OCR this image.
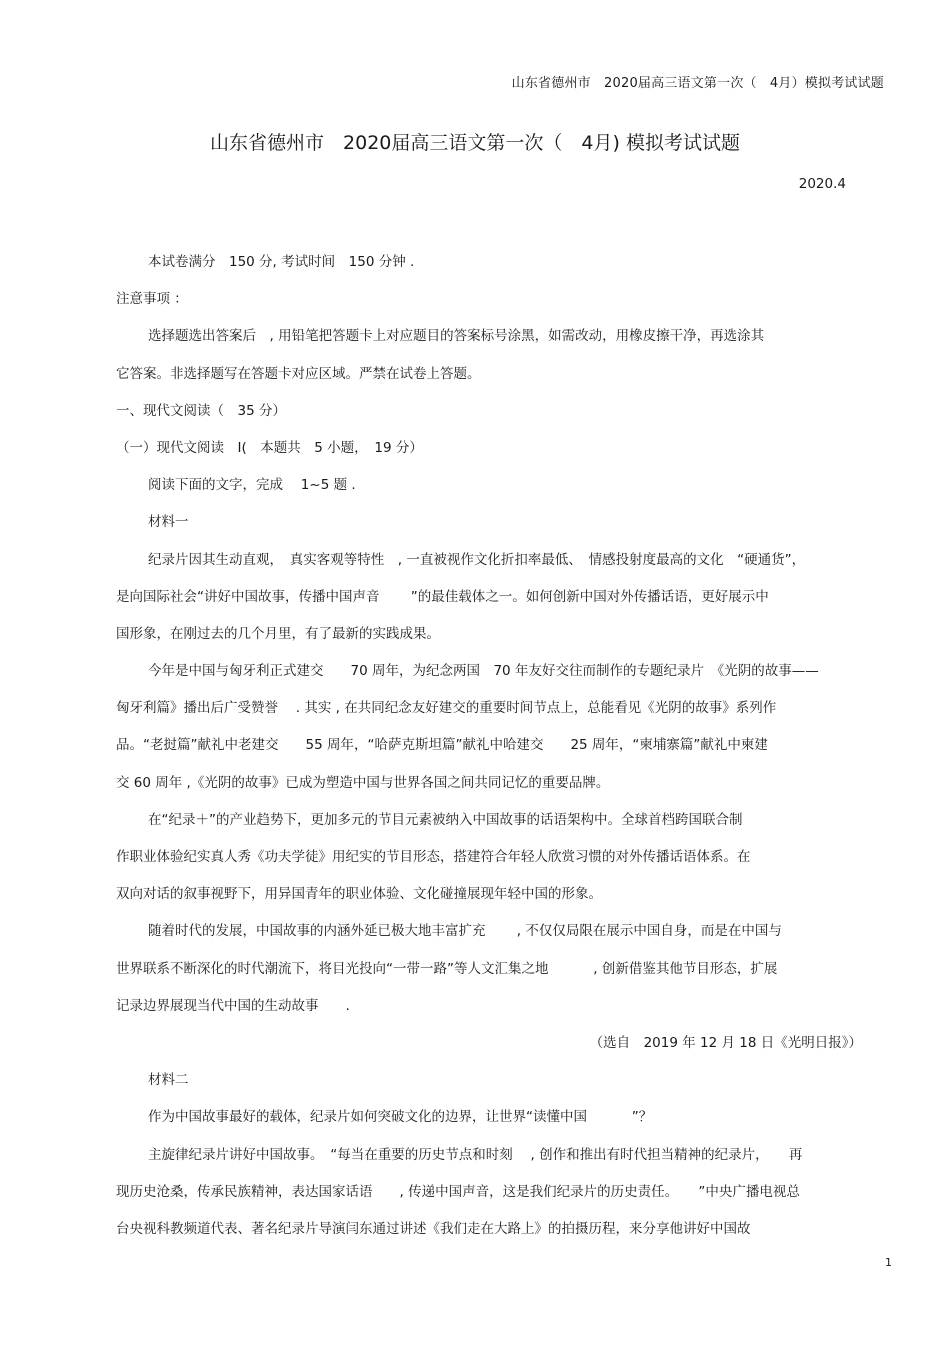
山东省德州市　2020届高三语文第一次（　4月）模拟考试试题
山东省德州市　2020届高三语文第一次（　4月) 模拟考试试题
2020.4
本试卷满分　150 分, 考试时间　150 分钟 .
注意事项 ：
选择题选出答案后　, 用铅笔把答题卡上对应题目的答案标号涂黑，如需改动，用橡皮擦干净，再选涂其
它答案。非选择题写在答题卡对应区域。严禁在试卷上答题。
一、现代文阅读（　35 分）
（一）现代文阅读　I(　本题共　5 小题，　19 分）
阅读下面的文字，完成　 1~5 题 .
材料一
纪录片因其生动直观，　真实客观等特性　, 一直被视作文化折扣率最低、　情感投射度最高的文化　“硬通货”，
是向国际社会“讲好中国故事，传播中国声音　　 ”的最佳载体之一。如何创新中国对外传播话语，更好展示中
国形象，在刚过去的几个月里，有了最新的实践成果。
今年是中国与匈牙利正式建交　　70 周年，为纪念两国　70 年友好交往而制作的专题纪录片　《光阴的故事——
匈牙利篇》播出后广受赞誉　 . 其实 , 在共同纪念友好建交的重要时间节点上，总能看见《光阴的故事》系列作
品。“老挝篇”献礼中老建交　　55 周年，“哈萨克斯坦篇”献礼中哈建交　　25 周年，“柬埔寨篇”献礼中柬建
交 60 周年 ,《光阴的故事》已成为塑造中国与世界各国之间共同记忆的重要品牌。
在“纪录＋”的产业趋势下，更加多元的节目元素被纳入中国故事的话语架构中。全球首档跨国联合制
作职业体验纪实真人秀《功夫学徒》用纪实的节目形态，搭建符合年轻人欣赏习惯的对外传播话语体系。在
双向对话的叙事视野下，用异国青年的职业体验、文化碰撞展现年轻中国的形象。
随着时代的发展，中国故事的内涵外延已极大地丰富扩充　　 , 不仅仅局限在展示中国自身，而是在中国与
世界联系不断深化的时代潮流下，将目光投向“一带一路”等人文汇集之地　　　 , 创新借鉴其他节目形态，扩展
记录边界展现当代中国的生动故事　　.
（选自　2019 年 12 月 18 日《光明日报》）
材料二
作为中国故事最好的载体，纪录片如何突破文化的边界，让世界“读懂中国　　　 ”？
主旋律纪录片讲好中国故事。　“每当在重要的历史节点和时刻　 , 创作和推出有时代担当精神的纪录片，　　再
现历史沧桑，传承民族精神，表达国家话语　　, 传递中国声音，这是我们纪录片的历史责任。　　”中央广播电视总
台央视科教频道代表、著名纪录片导演闫东通过讲述《我们走在大路上》的拍摄历程，来分享他讲好中国故
1
